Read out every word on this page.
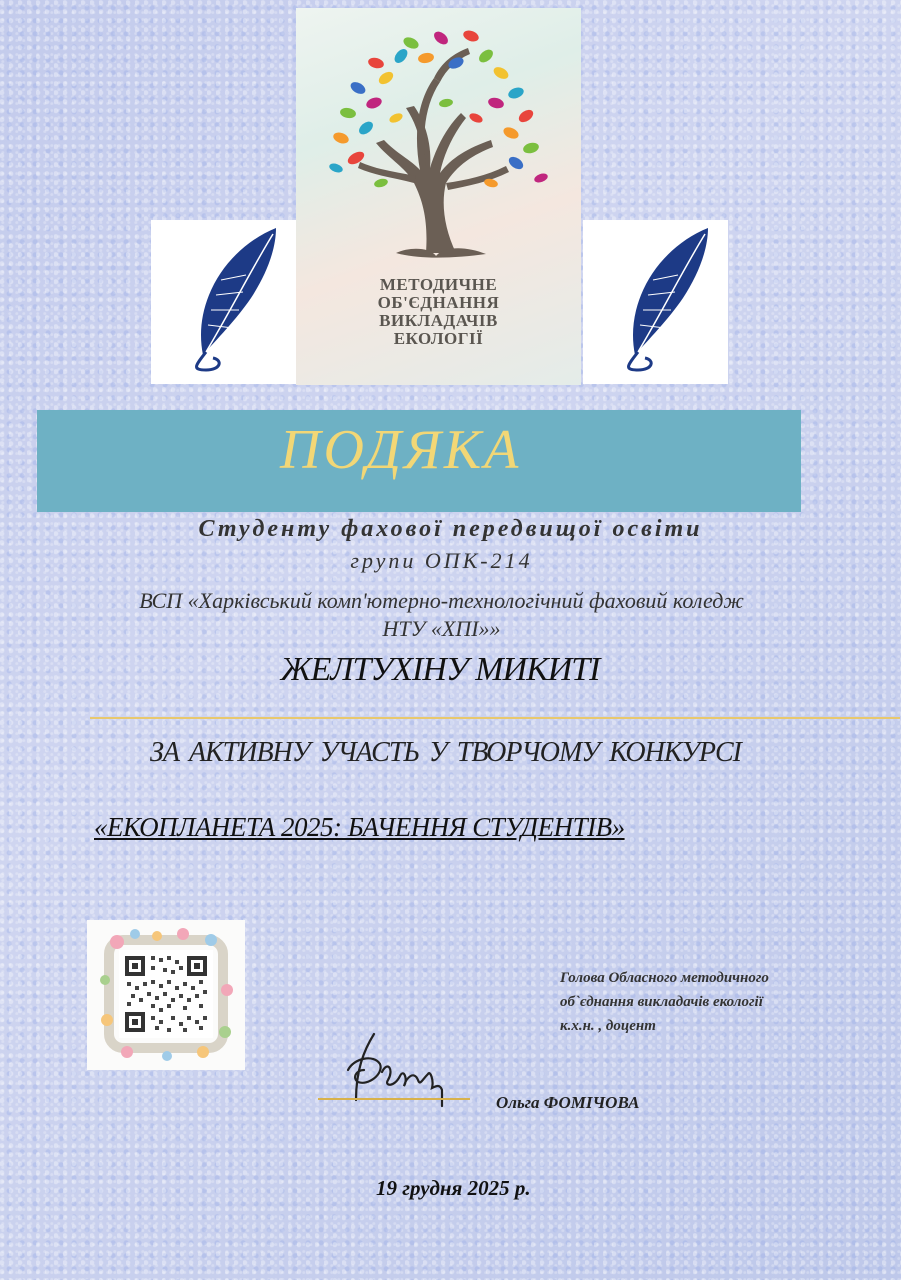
МЕТОДИЧНЕ
ОБ'ЄДНАННЯ
ВИКЛАДАЧІВ
ЕКОЛОГІЇ
ПОДЯКА
Студенту фахової передвищої освіти
групи ОПК-214
ВСП «Харківський комп'ютерно-технологічний фаховий коледж
НТУ «ХПІ»»
ЖЕЛТУХІНУ МИКИТІ
ЗА АКТИВНУ УЧАСТЬ У ТВОРЧОМУ КОНКУРСІ
«ЕКОПЛАНЕТА 2025: БАЧЕННЯ СТУДЕНТІВ»
Голова Обласного методичного
об`єднання викладачів екології
к.х.н. , доцент
Ольга ФОМІЧОВА
19 грудня 2025 р.
